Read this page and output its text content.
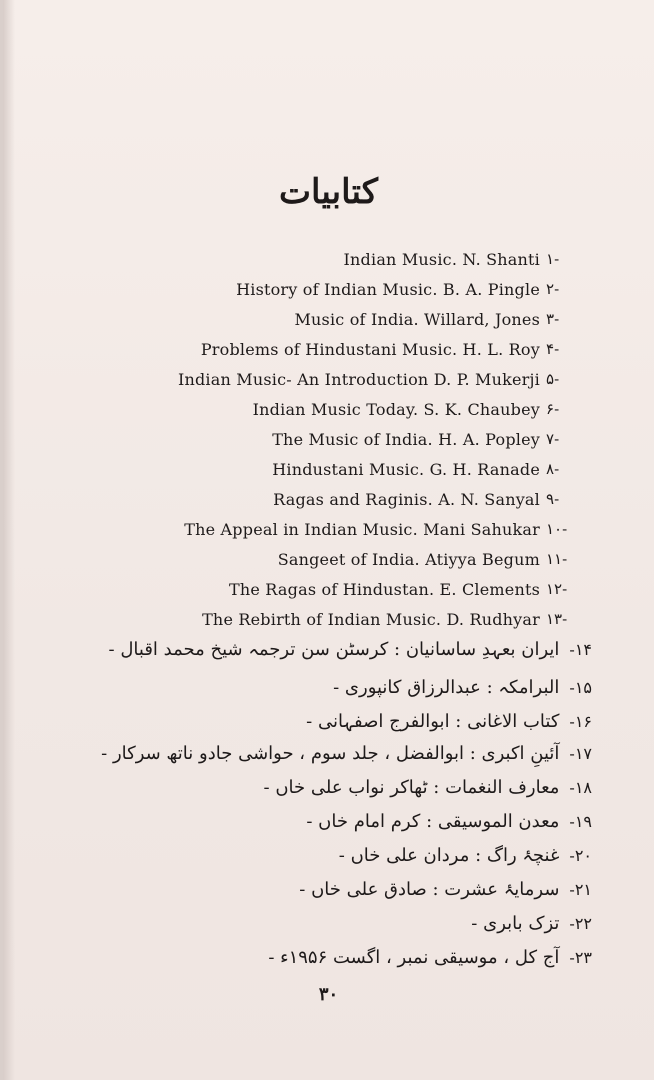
کتابیات
Indian Music. N. Shanti -۱
History of Indian Music. B. A. Pingle -۲
Music of India. Willard, Jones -۳
Problems of Hindustani Music. H. L. Roy -۴
Indian Music- An Introduction D. P. Mukerji -۵
Indian Music Today. S. K. Chaubey -۶
The Music of India. H. A. Popley -۷
Hindustani Music. G. H. Ranade -۸
Ragas and Raginis. A. N. Sanyal -۹
The Appeal in Indian Music. Mani Sahukar -۱۰
Sangeet of India. Atiyya Begum -۱۱
The Ragas of Hindustan. E. Clements -۱۲
The Rebirth of Indian Music. D. Rudhyar -۱۳
۱۴-
ایران بعہدِ ساسانیان : کرسٹن سن ترجمہ شیخ محمد اقبال -
۱۵-
البرامکہ : عبدالرزاق کانپوری -
۱۶-
کتاب الاغانی : ابوالفرج اصفہانی -
۱۷-
آئینِ اکبری : ابوالفضل ، جلد سوم ، حواشی جادو ناتھ سرکار -
۱۸-
معارف النغمات : ٹھاکر نواب علی خاں -
۱۹-
معدن الموسیقی : کرم امام خاں -
۲۰-
غنچۂ راگ : مردان علی خاں -
۲۱-
سرمایۂ عشرت : صادق علی خاں -
۲۲-
تزک بابری -
۲۳-
آج کل ، موسیقی نمبر ، اگست ۱۹۵۶ء -
۳۰
